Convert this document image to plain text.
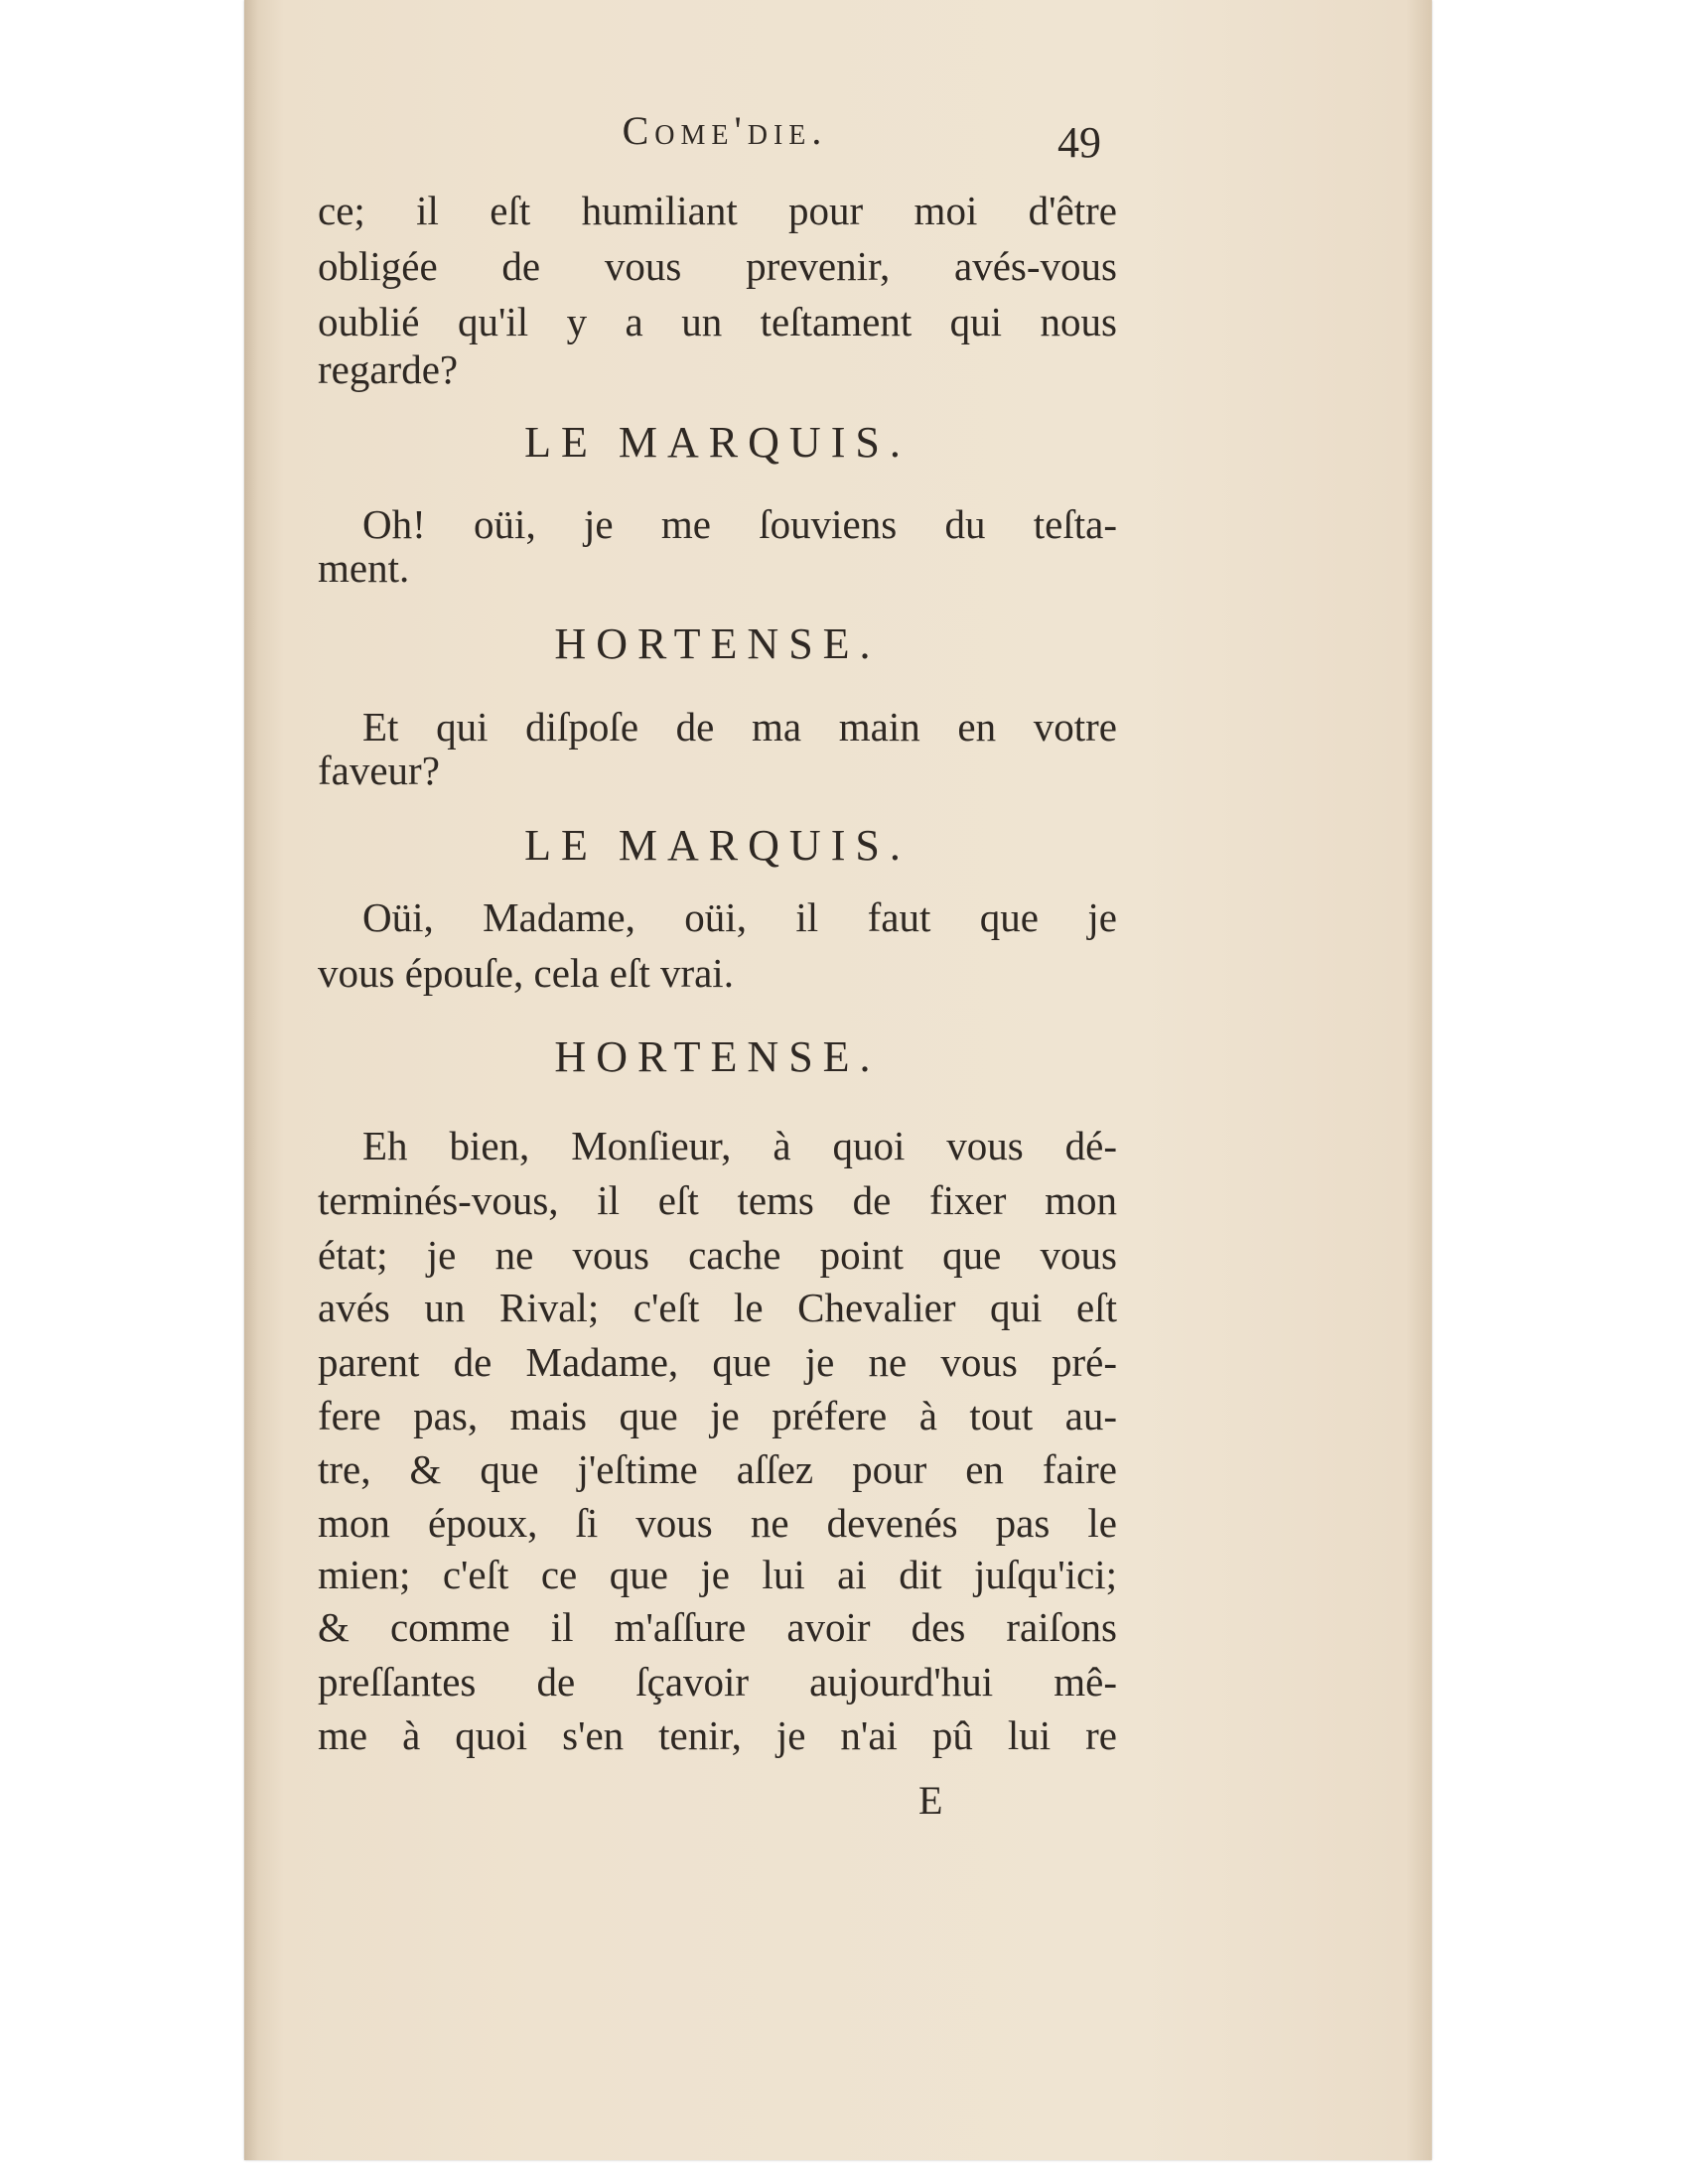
Come'die.	49
ce; il eſt humiliant pour moi d'être
obligée de vous prevenir, avés-vous
oublié qu'il y a un teſtament qui nous
regarde?
LE MARQUIS.
Oh! oüi, je me ſouviens du teſta-
ment.
HORTENSE.
Et qui diſpoſe de ma main en votre
faveur?
LE MARQUIS.
Oüi, Madame, oüi, il faut que je
vous épouſe, cela eſt vrai.
HORTENSE.
Eh bien, Monſieur, à quoi vous dé-
terminés-vous, il eſt tems de fixer mon
état; je ne vous cache point que vous
avés un Rival; c'eſt le Chevalier qui eſt
parent de Madame, que je ne vous pré-
fere pas, mais que je préfere à tout au-
tre, & que j'eſtime aſſez pour en faire
mon époux, ſi vous ne devenés pas le
mien; c'eſt ce que je lui ai dit juſqu'ici;
& comme il m'aſſure avoir des raiſons
preſſantes de ſçavoir aujourd'hui mê-
me à quoi s'en tenir, je n'ai pû lui re
E
